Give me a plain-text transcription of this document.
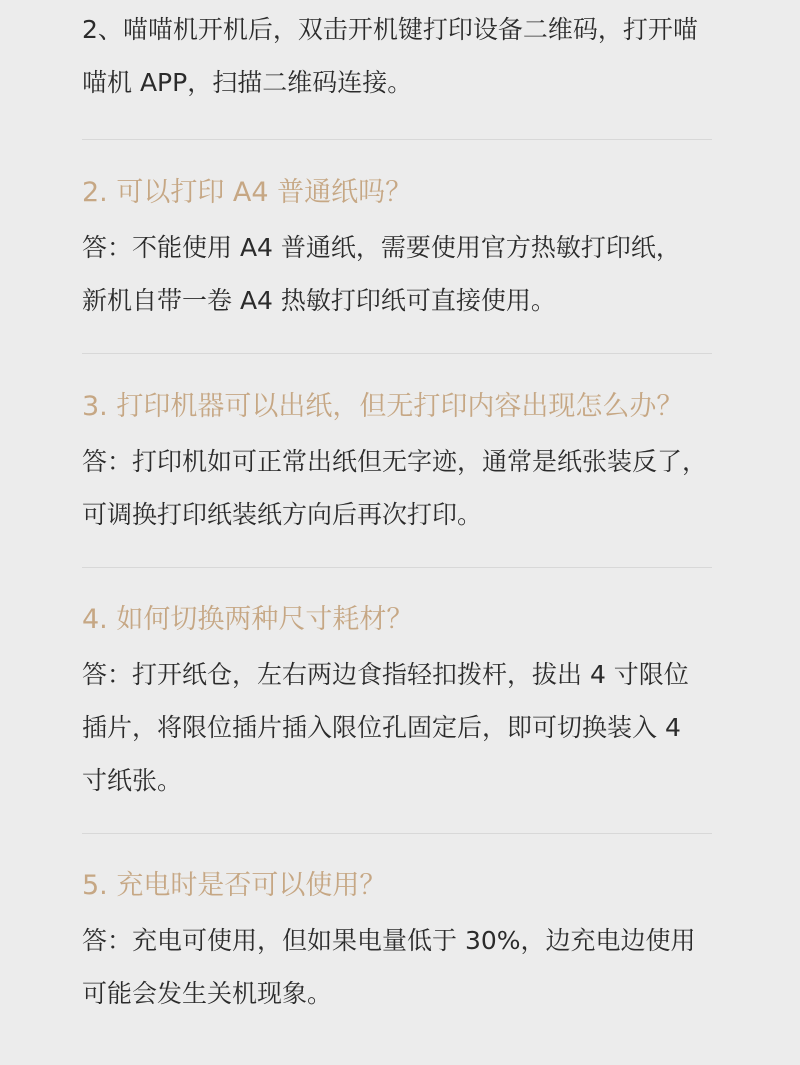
2、喵喵机开机后，双击开机键打印设备二维码，打开喵

喵机 APP，扫描二维码连接。

2. 可以打印 A4 普通纸吗？

答：不能使用 A4 普通纸，需要使用官方热敏打印纸，

新机自带一卷 A4 热敏打印纸可直接使用。

3. 打印机器可以出纸，但无打印内容出现怎么办？

答：打印机如可正常出纸但无字迹，通常是纸张装反了，

可调换打印纸装纸方向后再次打印。

4. 如何切换两种尺寸耗材？

答：打开纸仓，左右两边食指轻扣拨杆，拔出 4 寸限位

插片，将限位插片插入限位孔固定后，即可切换装入 4

寸纸张。

5. 充电时是否可以使用？

答：充电可使用，但如果电量低于 30%，边充电边使用

可能会发生关机现象。
